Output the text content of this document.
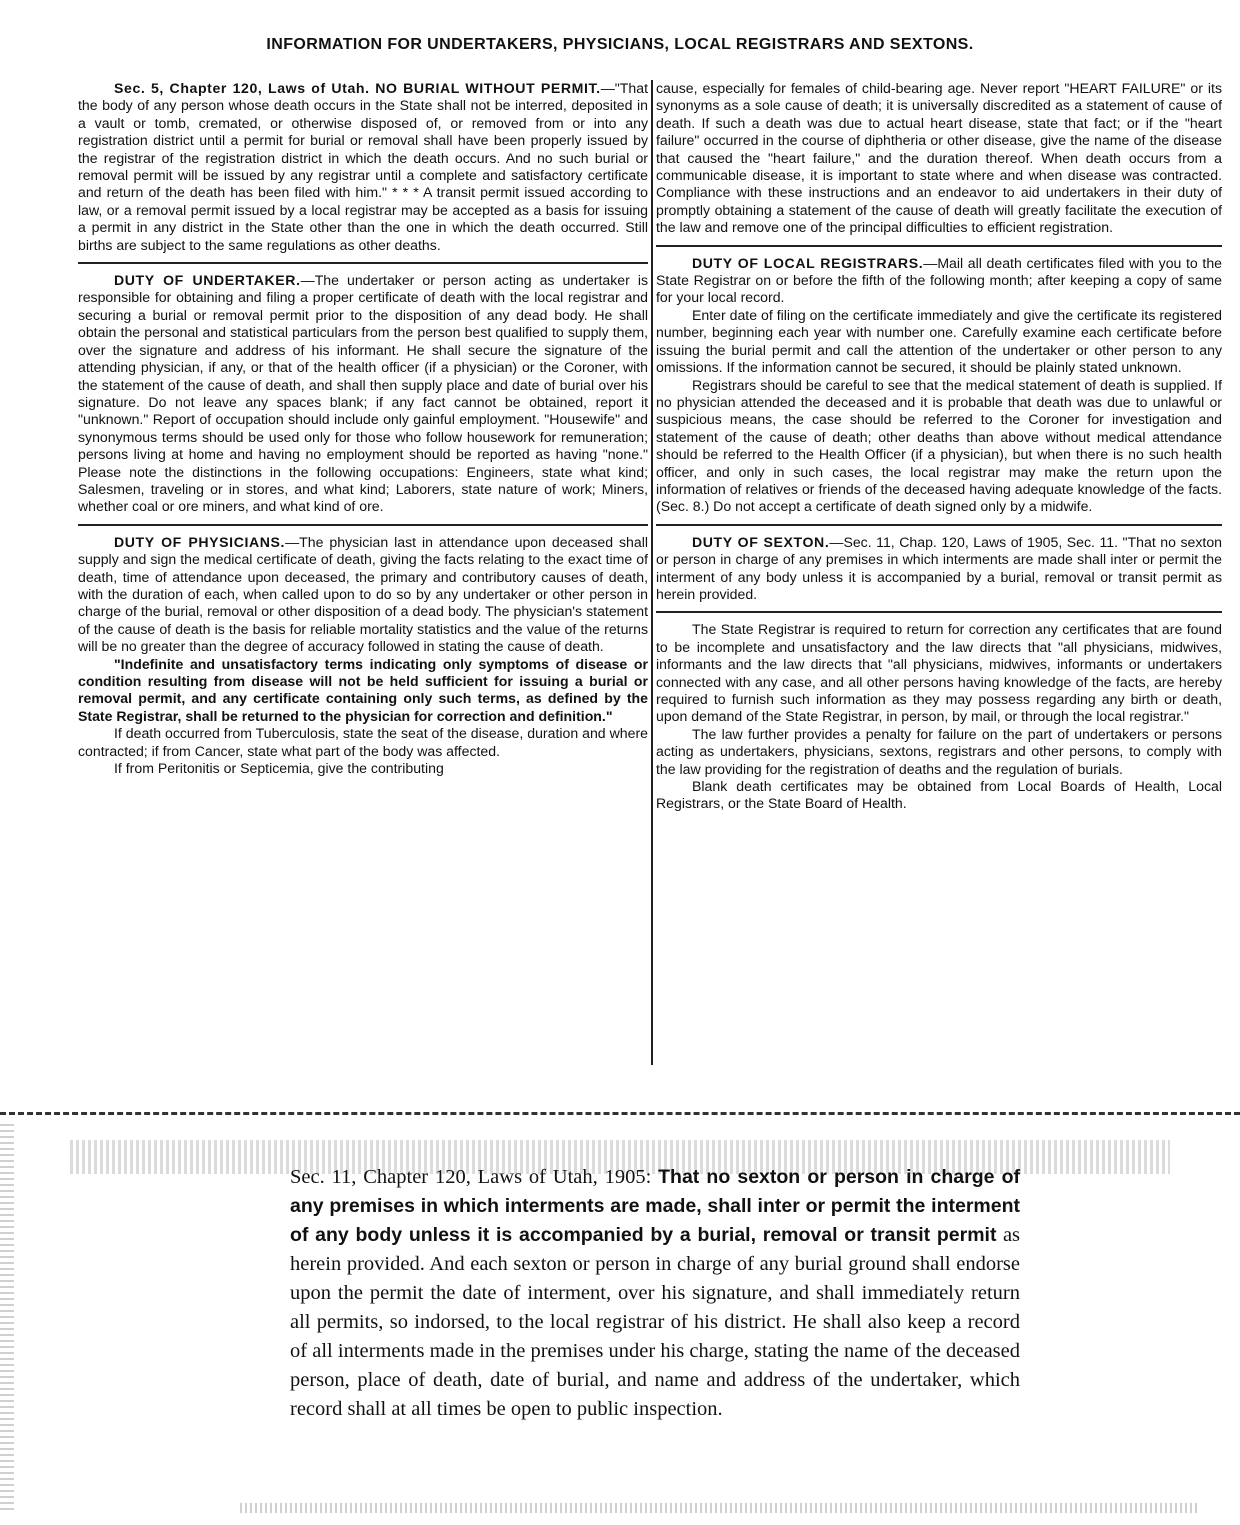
INFORMATION FOR UNDERTAKERS, PHYSICIANS, LOCAL REGISTRARS AND SEXTONS.

Sec. 5, Chapter 120, Laws of Utah. NO BURIAL WITHOUT PERMIT.—"That the body of any person whose death occurs in the State shall not be interred, deposited in a vault or tomb, cremated, or otherwise disposed of, or removed from or into any registration district until a permit for burial or removal shall have been properly issued by the registrar of the registration district in which the death occurs. And no such burial or removal permit will be issued by any registrar until a complete and satisfactory certificate and return of the death has been filed with him." * * * A transit permit issued according to law, or a removal permit issued by a local registrar may be accepted as a basis for issuing a permit in any district in the State other than the one in which the death occurred. Still births are subject to the same regulations as other deaths.

DUTY OF UNDERTAKER.—The undertaker or person acting as undertaker is responsible for obtaining and filing a proper certificate of death with the local registrar and securing a burial or removal permit prior to the disposition of any dead body. He shall obtain the personal and statistical particulars from the person best qualified to supply them, over the signature and address of his informant. He shall secure the signature of the attending physician, if any, or that of the health officer (if a physician) or the Coroner, with the statement of the cause of death, and shall then supply place and date of burial over his signature. Do not leave any spaces blank; if any fact cannot be obtained, report it "unknown." Report of occupation should include only gainful employment. "Housewife" and synonymous terms should be used only for those who follow housework for remuneration; persons living at home and having no employment should be reported as having "none." Please note the distinctions in the following occupations: Engineers, state what kind; Salesmen, traveling or in stores, and what kind; Laborers, state nature of work; Miners, whether coal or ore miners, and what kind of ore.

DUTY OF PHYSICIANS.—The physician last in attendance upon deceased shall supply and sign the medical certificate of death, giving the facts relating to the exact time of death, time of attendance upon deceased, the primary and contributory causes of death, with the duration of each, when called upon to do so by any undertaker or other person in charge of the burial, removal or other disposition of a dead body. The physician's statement of the cause of death is the basis for reliable mortality statistics and the value of the returns will be no greater than the degree of accuracy followed in stating the cause of death.

"Indefinite and unsatisfactory terms indicating only symptoms of disease or condition resulting from disease will not be held sufficient for issuing a burial or removal permit, and any certificate containing only such terms, as defined by the State Registrar, shall be returned to the physician for correction and definition."

If death occurred from Tuberculosis, state the seat of the disease, duration and where contracted; if from Cancer, state what part of the body was affected.

If from Peritonitis or Septicemia, give the contributing

cause, especially for females of child-bearing age. Never report "HEART FAILURE" or its synonyms as a sole cause of death; it is universally discredited as a statement of cause of death. If such a death was due to actual heart disease, state that fact; or if the "heart failure" occurred in the course of diphtheria or other disease, give the name of the disease that caused the "heart failure," and the duration thereof. When death occurs from a communicable disease, it is important to state where and when disease was contracted. Compliance with these instructions and an endeavor to aid undertakers in their duty of promptly obtaining a statement of the cause of death will greatly facilitate the execution of the law and remove one of the principal difficulties to efficient registration.

DUTY OF LOCAL REGISTRARS.—Mail all death certificates filed with you to the State Registrar on or before the fifth of the following month; after keeping a copy of same for your local record.

Enter date of filing on the certificate immediately and give the certificate its registered number, beginning each year with number one. Carefully examine each certificate before issuing the burial permit and call the attention of the undertaker or other person to any omissions. If the information cannot be secured, it should be plainly stated unknown.

Registrars should be careful to see that the medical statement of death is supplied. If no physician attended the deceased and it is probable that death was due to unlawful or suspicious means, the case should be referred to the Coroner for investigation and statement of the cause of death; other deaths than above without medical attendance should be referred to the Health Officer (if a physician), but when there is no such health officer, and only in such cases, the local registrar may make the return upon the information of relatives or friends of the deceased having adequate knowledge of the facts. (Sec. 8.) Do not accept a certificate of death signed only by a midwife.

DUTY OF SEXTON.—Sec. 11, Chap. 120, Laws of 1905, Sec. 11. "That no sexton or person in charge of any premises in which interments are made shall inter or permit the interment of any body unless it is accompanied by a burial, removal or transit permit as herein provided.

The State Registrar is required to return for correction any certificates that are found to be incomplete and unsatisfactory and the law directs that "all physicians, midwives, informants and the law directs that "all physicians, midwives, informants or undertakers connected with any case, and all other persons having knowledge of the facts, are hereby required to furnish such information as they may possess regarding any birth or death, upon demand of the State Registrar, in person, by mail, or through the local registrar."

The law further provides a penalty for failure on the part of undertakers or persons acting as undertakers, physicians, sextons, registrars and other persons, to comply with the law providing for the registration of deaths and the regulation of burials.

Blank death certificates may be obtained from Local Boards of Health, Local Registrars, or the State Board of Health.

Sec. 11, Chapter 120, Laws of Utah, 1905: That no sexton or person in charge of any premises in which interments are made, shall inter or permit the interment of any body unless it is accompanied by a burial, removal or transit permit as herein provided. And each sexton or person in charge of any burial ground shall endorse upon the permit the date of interment, over his signature, and shall immediately return all permits, so indorsed, to the local registrar of his district. He shall also keep a record of all interments made in the premises under his charge, stating the name of the deceased person, place of death, date of burial, and name and address of the undertaker, which record shall at all times be open to public inspection.
